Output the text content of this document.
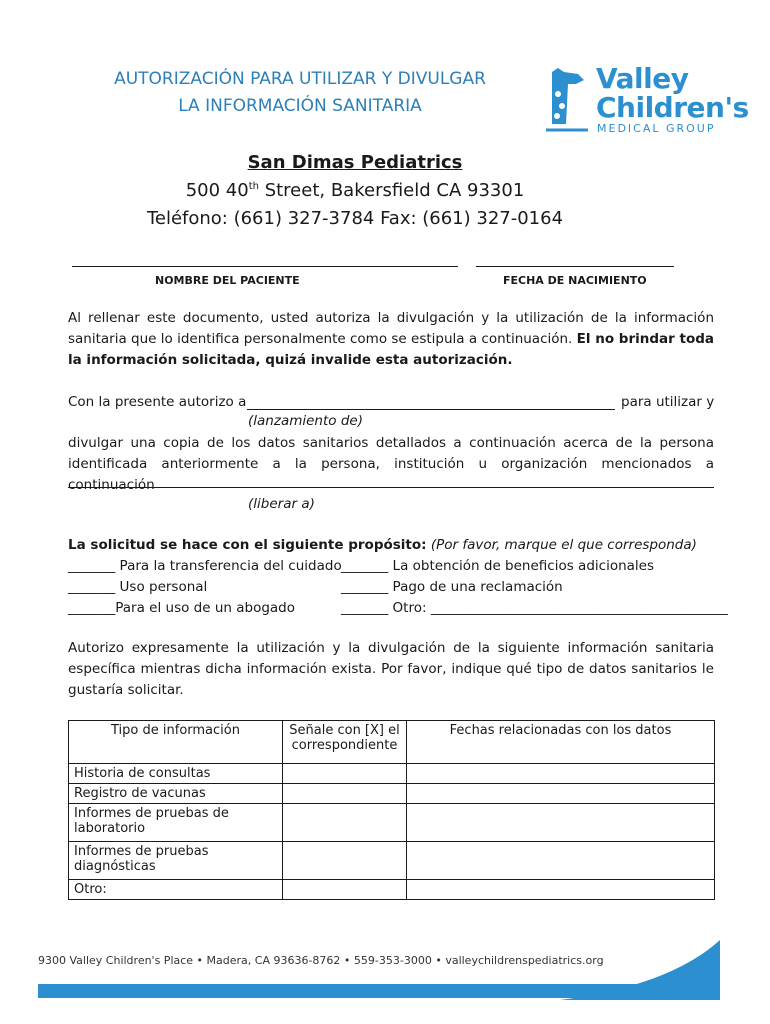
AUTORIZACIÓN PARA UTILIZAR Y DIVULGAR
LA INFORMACIÓN SANITARIA
Valley
Children's
MEDICAL GROUP
San Dimas Pediatrics
500 40th Street, Bakersfield CA 93301
Teléfono: (661) 327-3784 Fax: (661) 327-0164
NOMBRE DEL PACIENTE	FECHA DE NACIMIENTO
Al rellenar este documento, usted autoriza la divulgación y la utilización de la información sanitaria que lo identifica personalmente como se estipula a continuación. El no brindar toda la información solicitada, quizá invalide esta autorización.
Con la presente autorizo a	para utilizar y
(lanzamiento de)
divulgar una copia de los datos sanitarios detallados a continuación acerca de la persona identificada anteriormente a la persona, institución u organización mencionados a continuación
(liberar a)
La solicitud se hace con el siguiente propósito: (Por favor, marque el que corresponda)
_______ Para la transferencia del cuidado
_______ Uso personal
_______Para el uso de un abogado
_______ La obtención de beneficios adicionales
_______ Pago de una reclamación
_______ Otro: ____________________________________________
Autorizo expresamente la utilización y la divulgación de la siguiente información sanitaria específica mientras dicha información exista. Por favor, indique qué tipo de datos sanitarios le gustaría solicitar.
Tipo de información	Señale con [X] el correspondiente	Fechas relacionadas con los datos
Historia de consultas		
Registro de vacunas		
Informes de pruebas de laboratorio		
Informes de pruebas diagnósticas		
Otro:		
9300 Valley Children's Place • Madera, CA 93636-8762 • 559-353-3000 • valleychildrenspediatrics.org
